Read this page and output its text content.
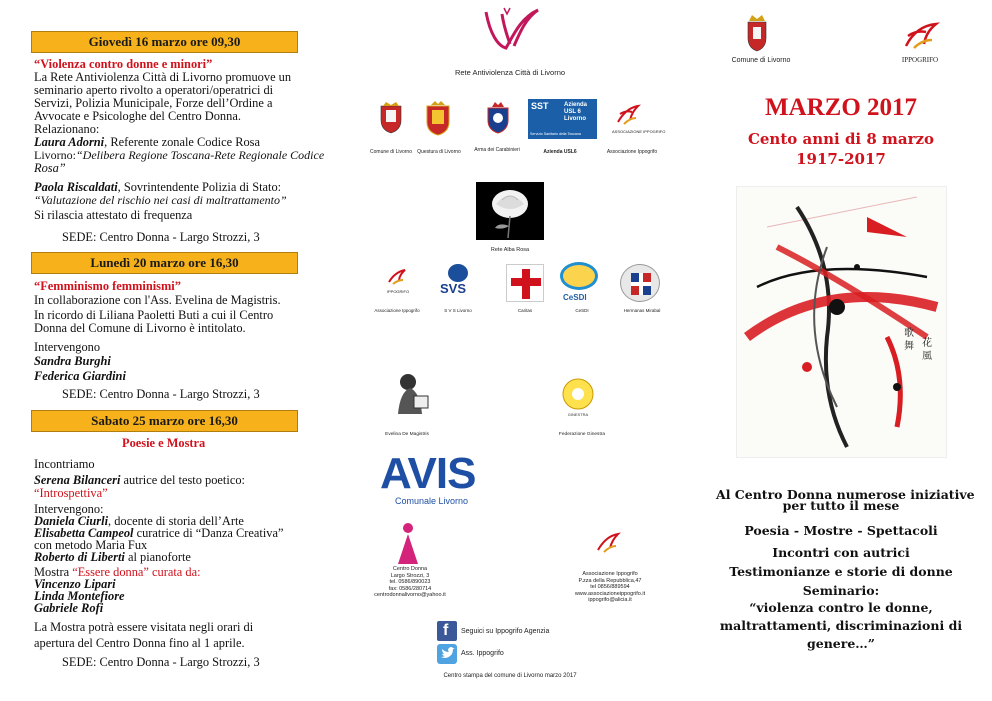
Giovedì 16 marzo ore 09,30
“Violenza contro donne e minori”
La Rete Antiviolenza Città di Livorno promuove un
seminario aperto rivolto a operatori/operatrici di
Servizi, Polizia Municipale, Forze dell’Ordine a
Avvocate e Psicologhe del Centro Donna.
Relazionano:
Laura Adorni, Referente zonale Codice Rosa
Livorno:“Delibera Regione Toscana-Rete Regionale Codice
Rosa”
Paola Riscaldati, Sovrintendente Polizia di Stato:
“Valutazione del rischio nei casi di maltrattamento”
Si rilascia attestato di frequenza
SEDE: Centro Donna - Largo Strozzi, 3
Lunedì 20 marzo ore 16,30
“Femminismo femminismi”
In collaborazione con l'Ass. Evelina de Magistris.
In ricordo di Liliana Paoletti Buti a cui il Centro
Donna del Comune di Livorno è intitolato.
Intervengono
Sandra Burghi
Federica Giardini
SEDE: Centro Donna - Largo Strozzi, 3
Sabato 25 marzo ore 16,30
Poesie e Mostra
Incontriamo
Serena Bilanceri autrice del testo poetico:
“Introspettiva”
Intervengono:
Daniela Ciurli, docente di storia dell’Arte
Elisabetta Campeol curatrice di “Danza Creativa”
con metodo Maria Fux
Roberto di Liberti al pianoforte
Mostra “Essere donna” curata da:
Vincenzo Lipari
Linda Montefiore
Gabriele Rofi
La Mostra potrà essere visitata negli orari di
apertura del Centro Donna fino al 1 aprile.
SEDE: Centro Donna - Largo Strozzi, 3
Rete Antiviolenza Città di Livorno
SST	Azienda
USL 6
Livorno
Servizio Sanitario della Toscana	ASSOCIAZIONE IPPOGRIFO
Comune di Livorno	Questura di Livorno	Arma dei Carabinieri	Azienda USL6	Associazione Ippogrifo
Rete Alba Rosa
IPPOGRIFO	SVS
CeSDI
Associazione Ippogrifo	S V S Livorno	Caritas	CeSDI	Hermanas Mirabal
GINESTRA
Evelina De Magistris	Federazione Ginestra
AVIS
Comunale Livorno
Centro Donna
Largo Strozzi, 3
tel. 0586/890023
fax: 0586/280714
centrodonnalivorno@yahoo.it
Associazione Ippogrifo
P.zza della Repubblica,47
tel 0856/889594
www.associazioneippogrifo.it
ippogrifo@alicia.it
f Seguici su Ippogrifo Agenzia
Ass. Ippogrifo
Centro stampa del comune di Livorno marzo 2017
Comune di Livorno	IPPOGRIFO
MARZO 2017
Cento anni di 8 marzo
1917-2017
歌 舞 花 風
Al Centro Donna numerose iniziative
per tutto il mese
Poesia - Mostre - Spettacoli
Incontri con autrici
Testimonianze e storie di donne
Seminario:
“violenza contro le donne,
maltrattamenti, discriminazioni di
genere…”
